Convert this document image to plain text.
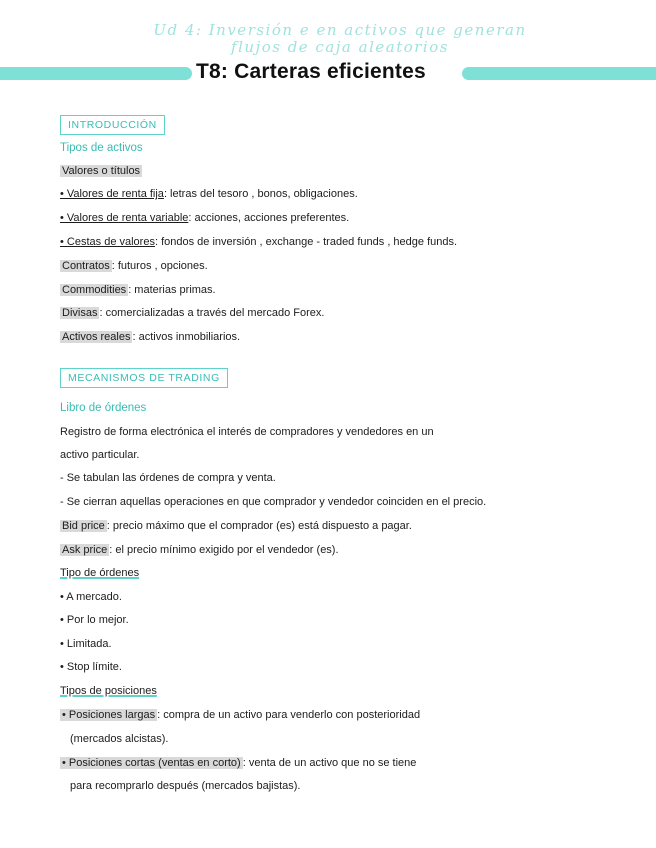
Ud 4: Inversión e en activos que generan
flujos de caja aleatorios
T8: Carteras eficientes
INTRODUCCIÓN
Tipos de activos
Valores o títulos
• Valores de renta fija: letras del tesoro , bonos, obligaciones.
• Valores de renta variable: acciones, acciones preferentes.
• Cestas de valores: fondos de inversión , exchange - traded funds , hedge funds.
Contratos : futuros , opciones.
Commodities : materias primas.
Divisas : comercializadas a través del mercado Forex.
Activos reales : activos inmobiliarios.
MECANISMOS DE TRADING
Libro de órdenes
Registro de forma electrónica el interés de compradores y vendedores en un
activo particular.
- Se tabulan las órdenes de compra y venta.
- Se cierran aquellas operaciones en que comprador y vendedor coinciden en el precio.
Bid price : precio máximo que el comprador (es) está dispuesto a pagar.
Ask price : el precio mínimo exigido por el vendedor (es).
Tipo de órdenes
• A mercado.
• Por lo mejor.
• Limitada.
• Stop límite.
Tipos de posiciones
• Posiciones largas : compra de un activo para venderlo con posterioridad
(mercados alcistas).
• Posiciones cortas (ventas en corto) : venta de un activo que no se tiene
para recomprarlo después (mercados bajistas).
